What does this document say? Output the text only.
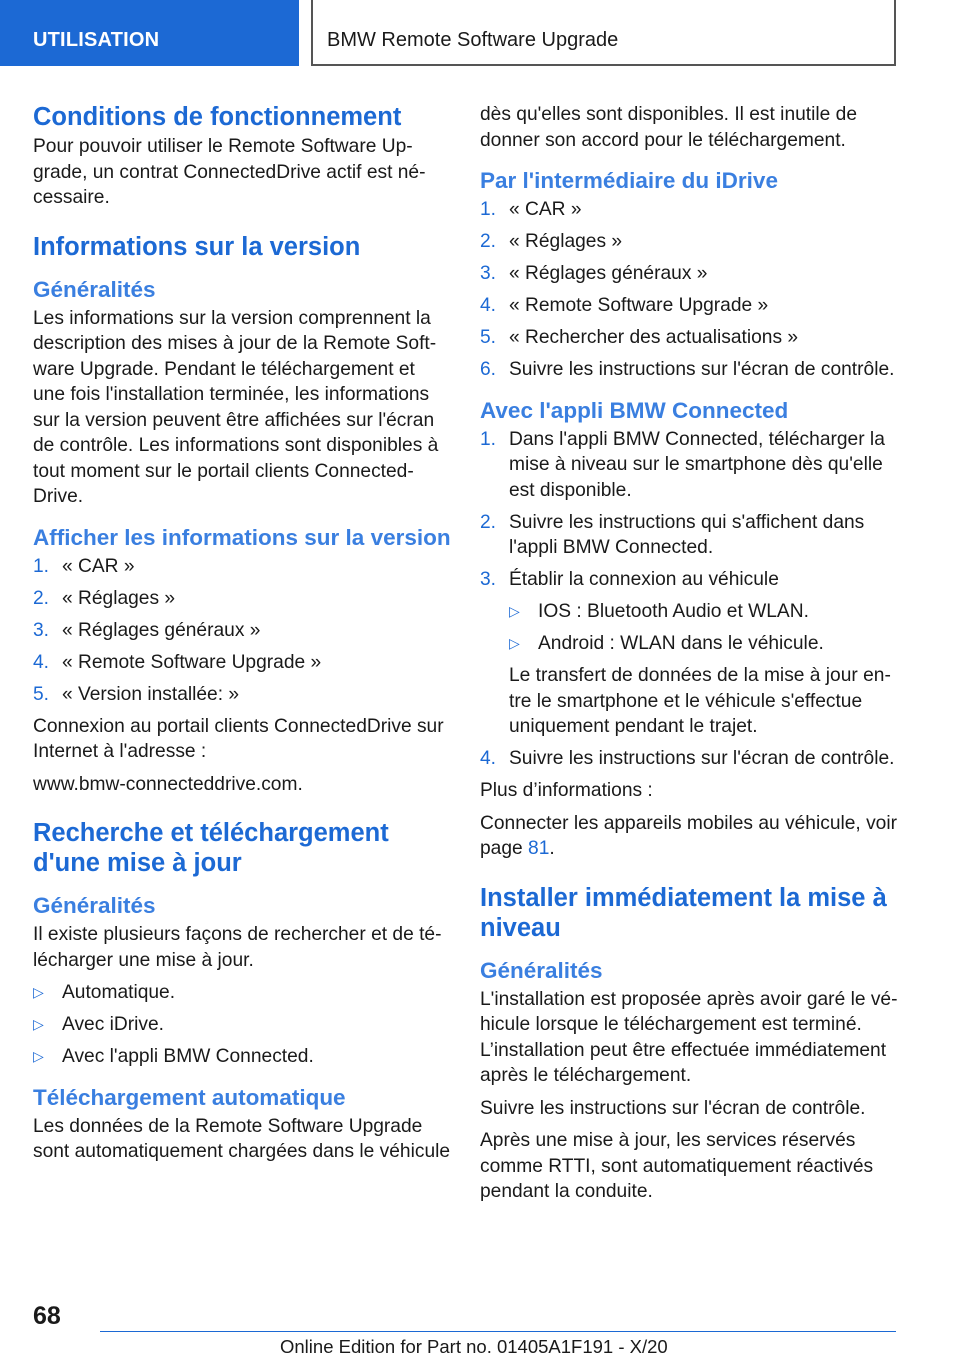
UTILISATION	BMW Remote Software Upgrade
Conditions de fonctionnement

Pour pouvoir utiliser le Remote Software Up-grade, un contrat ConnectedDrive actif est né-cessaire.

Informations sur la version
Généralités

Les informations sur la version comprennent la description des mises à jour de la Remote Soft-ware Upgrade. Pendant le téléchargement et une fois l'installation terminée, les informations sur la version peuvent être affichées sur l'écran de contrôle. Les informations sont disponibles à tout moment sur le portail clients Connected-Drive.

Afficher les informations sur la version
1. « CAR »
2. « Réglages »
3. « Réglages généraux »
4. « Remote Software Upgrade »
5. « Version installée: »

Connexion au portail clients ConnectedDrive sur Internet à l'adresse :

www.bmw-connecteddrive.com.

Recherche et téléchargement d'une mise à jour
Généralités

Il existe plusieurs façons de rechercher et de té-lécharger une mise à jour.

▷ Automatique.
▷ Avec iDrive.
▷ Avec l'appli BMW Connected.
Téléchargement automatique

Les données de la Remote Software Upgrade sont automatiquement chargées dans le véhicule

dès qu'elles sont disponibles. Il est inutile de donner son accord pour le téléchargement.

Par l'intermédiaire du iDrive
1. « CAR »
2. « Réglages »
3. « Réglages généraux »
4. « Remote Software Upgrade »
5. « Rechercher des actualisations »
6. Suivre les instructions sur l'écran de contrôle.
Avec l'appli BMW Connected
1. Dans l'appli BMW Connected, télécharger la mise à niveau sur le smartphone dès qu'elle est disponible.
2. Suivre les instructions qui s'affichent dans l'appli BMW Connected.
3. Établir la connexion au véhicule
▷ IOS : Bluetooth Audio et WLAN.
▷ Android : WLAN dans le véhicule.
Le transfert de données de la mise à jour en-tre le smartphone et le véhicule s'effectue uniquement pendant le trajet.
4. Suivre les instructions sur l'écran de contrôle.

Plus d’informations :

Connecter les appareils mobiles au véhicule, voir page 81.

Installer immédiatement la mise à niveau
Généralités

L'installation est proposée après avoir garé le vé-hicule lorsque le téléchargement est terminé. L’installation peut être effectuée immédiatement après le téléchargement.

Suivre les instructions sur l'écran de contrôle.

Après une mise à jour, les services réservés comme RTTI, sont automatiquement réactivés pendant la conduite.

68
Online Edition for Part no. 01405A1F191 - X/20
